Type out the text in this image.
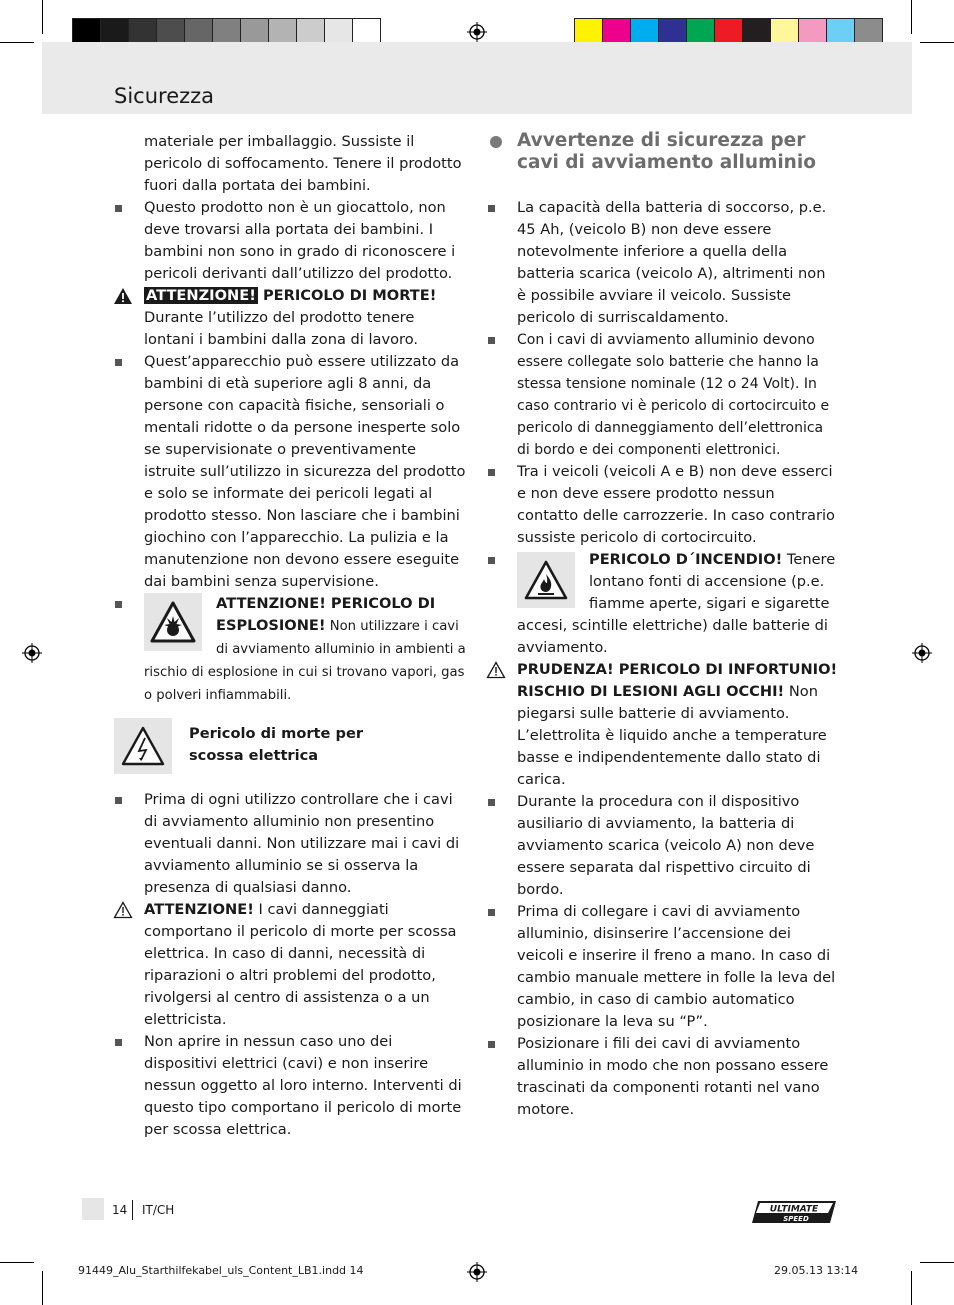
Sicurezza

materiale per imballaggio. Sussiste il pericolo di soffocamento. Tenere il prodotto fuori dalla portata dei bambini.

Questo prodotto non è un giocattolo, non deve trovarsi alla portata dei bambini. I bambini non sono in grado di riconoscere i pericoli derivanti dall’utilizzo del prodotto.

ATTENZIONE! PERICOLO DI MORTE!
Durante l’utilizzo del prodotto tenere lontani i bambini dalla zona di lavoro.

Quest’apparecchio può essere utilizzato da bambini di età superiore agli 8 anni, da persone con capacità fisiche, sensoriali o mentali ridotte o da persone inesperte solo se supervisionate o preventivamente istruite sull’utilizzo in sicurezza del prodotto e solo se informate dei pericoli legati al prodotto stesso. Non lasciare che i bambini giochino con l’apparecchio. La pulizia e la manutenzione non devono essere eseguite dai bambini senza supervisione.

ATTENZIONE! PERICOLO DI ESPLOSIONE! Non utilizzare i cavi di avviamento alluminio in ambienti a rischio di esplosione in cui si trovano vapori, gas o polveri infiammabili.

Pericolo di morte per
scossa elettrica

Prima di ogni utilizzo controllare che i cavi di avviamento alluminio non presentino eventuali danni. Non utilizzare mai i cavi di avviamento alluminio se si osserva la presenza di qualsiasi danno.

ATTENZIONE! I cavi danneggiati comportano il pericolo di morte per scossa elettrica. In caso di danni, necessità di riparazioni o altri problemi del prodotto, rivolgersi al centro di assistenza o a un elettricista.

Non aprire in nessun caso uno dei dispositivi elettrici (cavi) e non inserire nessun oggetto al loro interno. Interventi di questo tipo comportano il pericolo di morte per scossa elettrica.

Avvertenze di sicurezza per cavi di avviamento alluminio

La capacità della batteria di soccorso, p.e. 45 Ah, (veicolo B) non deve essere notevolmente inferiore a quella della batteria scarica (veicolo A), altrimenti non è possibile avviare il veicolo. Sussiste pericolo di surriscaldamento.

Con i cavi di avviamento alluminio devono essere collegate solo batterie che hanno la stessa tensione nominale (12 o 24 Volt). In caso contrario vi è pericolo di cortocircuito e pericolo di danneggiamento dell’elettronica di bordo e dei componenti elettronici.

Tra i veicoli (veicoli A e B) non deve esserci e non deve essere prodotto nessun contatto delle carrozzerie. In caso contrario sussiste pericolo di cortocircuito.

PERICOLO D´INCENDIO! Tenere lontano fonti di accensione (p.e. fiamme aperte, sigari e sigarette accesi, scintille elettriche) dalle batterie di avviamento.

PRUDENZA! PERICOLO DI INFORTUNIO! RISCHIO DI LESIONI AGLI OCCHI! Non piegarsi sulle batterie di avviamento. L’elettrolita è liquido anche a temperature basse e indipendentemente dallo stato di carica.

Durante la procedura con il dispositivo ausiliario di avviamento, la batteria di avviamento scarica (veicolo A) non deve essere separata dal rispettivo circuito di bordo.

Prima di collegare i cavi di avviamento alluminio, disinserire l’accensione dei veicoli e inserire il freno a mano. In caso di cambio manuale mettere in folle la leva del cambio, in caso di cambio automatico posizionare la leva su “P”.

Posizionare i fili dei cavi di avviamento alluminio in modo che non possano essere trascinati da componenti rotanti nel vano motore.

14 IT/CH	ULTIMATE
SPEED
91449_Alu_Starthilfekabel_uls_Content_LB1.indd 14	29.05.13 13:14
